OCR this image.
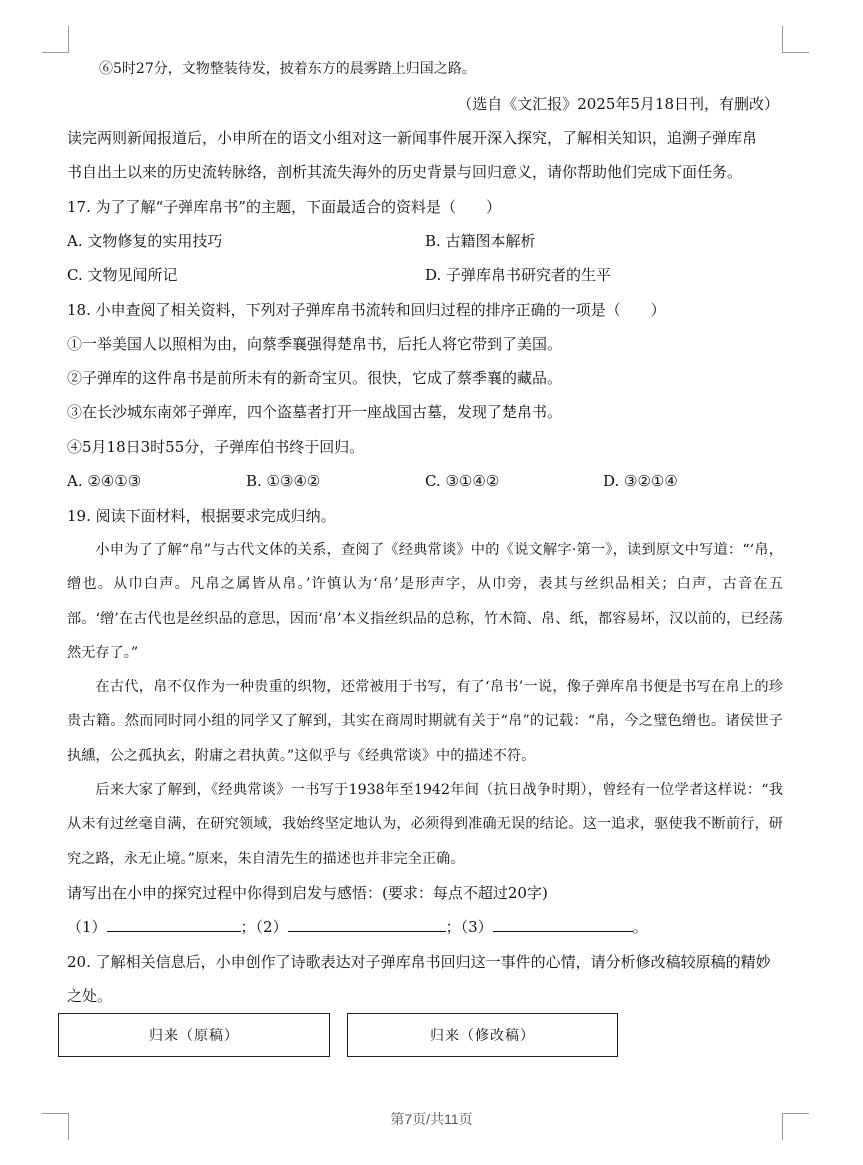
⑥5时27分，文物整装待发，披着东方的晨雾踏上归国之路。
（选自《文汇报》2025年5月18日刊，有删改）
读完两则新闻报道后，小申所在的语文小组对这一新闻事件展开深入探究，了解相关知识，追溯子弹库帛
书自出土以来的历史流转脉络，剖析其流失海外的历史背景与回归意义，请你帮助他们完成下面任务。
17. 为了了解“子弹库帛书”的主题，下面最适合的资料是（　　）
A. 文物修复的实用技巧	B. 古籍图本解析
C. 文物见闻所记	D. 子弹库帛书研究者的生平
18. 小申查阅了相关资料，下列对子弹库帛书流转和回归过程的排序正确的一项是（　　）
①一举美国人以照相为由，向蔡季襄强得楚帛书，后托人将它带到了美国。
②子弹库的这件帛书是前所未有的新奇宝贝。很快，它成了蔡季襄的藏品。
③在长沙城东南郊子弹库，四个盗墓者打开一座战国古墓，发现了楚帛书。
④5月18日3时55分，子弹库伯书终于回归。
A. ②④①③	B. ①③④②	C. ③①④②	D. ③②①④
19. 阅读下面材料，根据要求完成归纳。
小申为了了解“帛”与古代文体的关系，查阅了《经典常谈》中的《说文解字·第一》，读到原文中写道：“‘帛，缯也。从巾白声。凡帛之属皆从帛。’许慎认为‘帛’是形声字，从巾旁，表其与丝织品相关；白声，古音在五部。‘缯’在古代也是丝织品的意思，因而‘帛’本义指丝织品的总称，竹木简、帛、纸，都容易坏，汉以前的，已经荡然无存了。”
在古代，帛不仅作为一种贵重的织物，还常被用于书写，有了‘帛书’一说，像子弹库帛书便是书写在帛上的珍贵古籍。然而同时同小组的同学又了解到，其实在商周时期就有关于“帛”的记载：“帛，今之璧色缯也。诸侯世子执纁，公之孤执玄，附庸之君执黄。”这似乎与《经典常谈》中的描述不符。
后来大家了解到，《经典常谈》一书写于1938年至1942年间（抗日战争时期），曾经有一位学者这样说：“我从未有过丝毫自满，在研究领域，我始终坚定地认为，必须得到准确无误的结论。这一追求，驱使我不断前行，研究之路，永无止境。”原来，朱自清先生的描述也并非完全正确。
请写出在小申的探究过程中你得到启发与感悟：(要求：每点不超过20字)
（1）	；（2）	；（3）	。
20. 了解相关信息后，小申创作了诗歌表达对子弹库帛书回归这一事件的心情，请分析修改稿较原稿的精妙
之处。
归来（原稿）	归来（修改稿）
第7页/共11页
